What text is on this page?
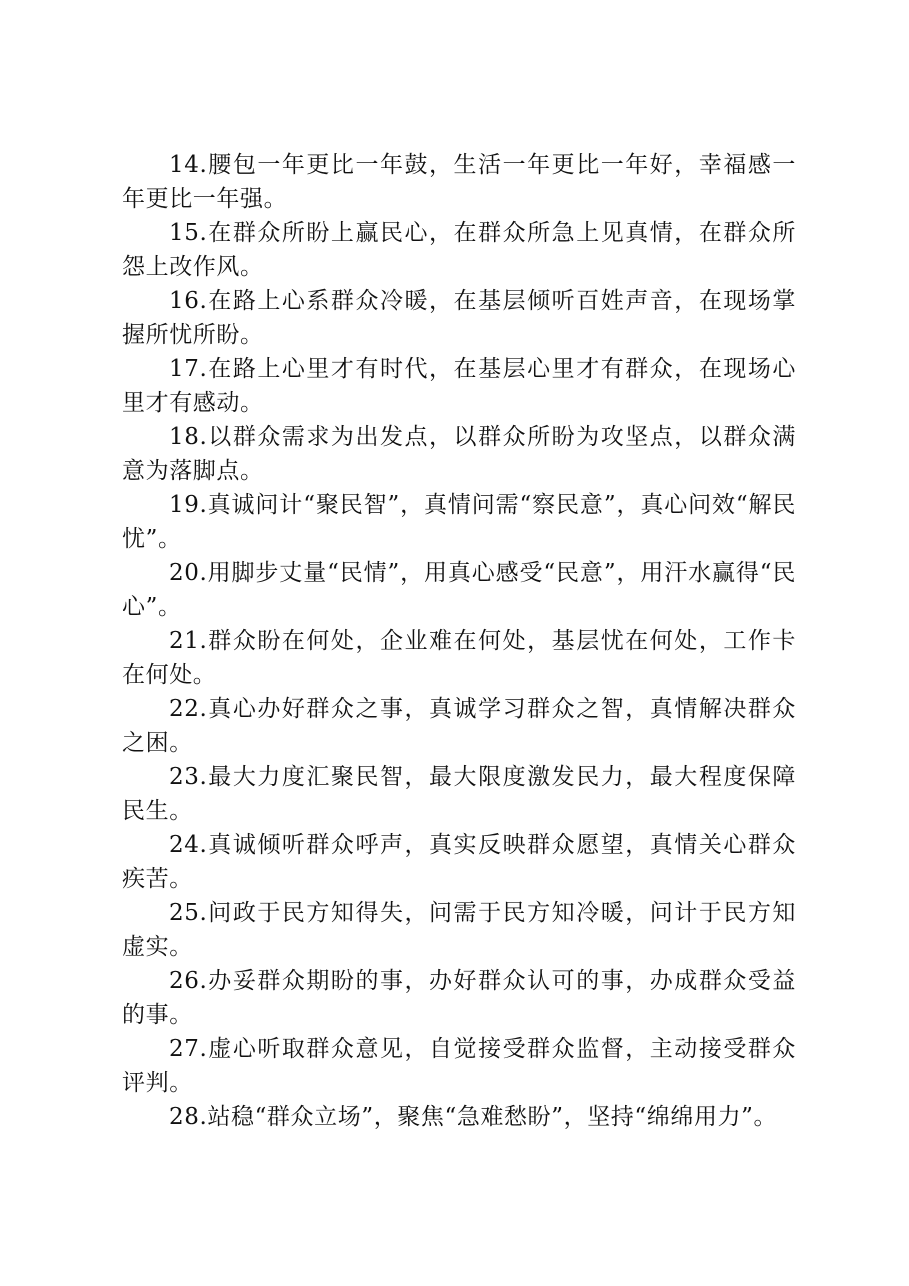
14.腰包一年更比一年鼓，生活一年更比一年好，幸福感一年更比一年强。

15.在群众所盼上赢民心，在群众所急上见真情，在群众所怨上改作风。

16.在路上心系群众冷暖，在基层倾听百姓声音，在现场掌握所忧所盼。

17.在路上心里才有时代，在基层心里才有群众，在现场心里才有感动。

18.以群众需求为出发点，以群众所盼为攻坚点，以群众满意为落脚点。

19.真诚问计“聚民智”，真情问需“察民意”，真心问效“解民忧”。

20.用脚步丈量“民情”，用真心感受“民意”，用汗水赢得“民心”。

21.群众盼在何处，企业难在何处，基层忧在何处，工作卡在何处。

22.真心办好群众之事，真诚学习群众之智，真情解决群众之困。

23.最大力度汇聚民智，最大限度激发民力，最大程度保障民生。

24.真诚倾听群众呼声，真实反映群众愿望，真情关心群众疾苦。

25.问政于民方知得失，问需于民方知冷暖，问计于民方知虚实。

26.办妥群众期盼的事，办好群众认可的事，办成群众受益的事。

27.虚心听取群众意见，自觉接受群众监督，主动接受群众评判。

28.站稳“群众立场”，聚焦“急难愁盼”，坚持“绵绵用力”。
